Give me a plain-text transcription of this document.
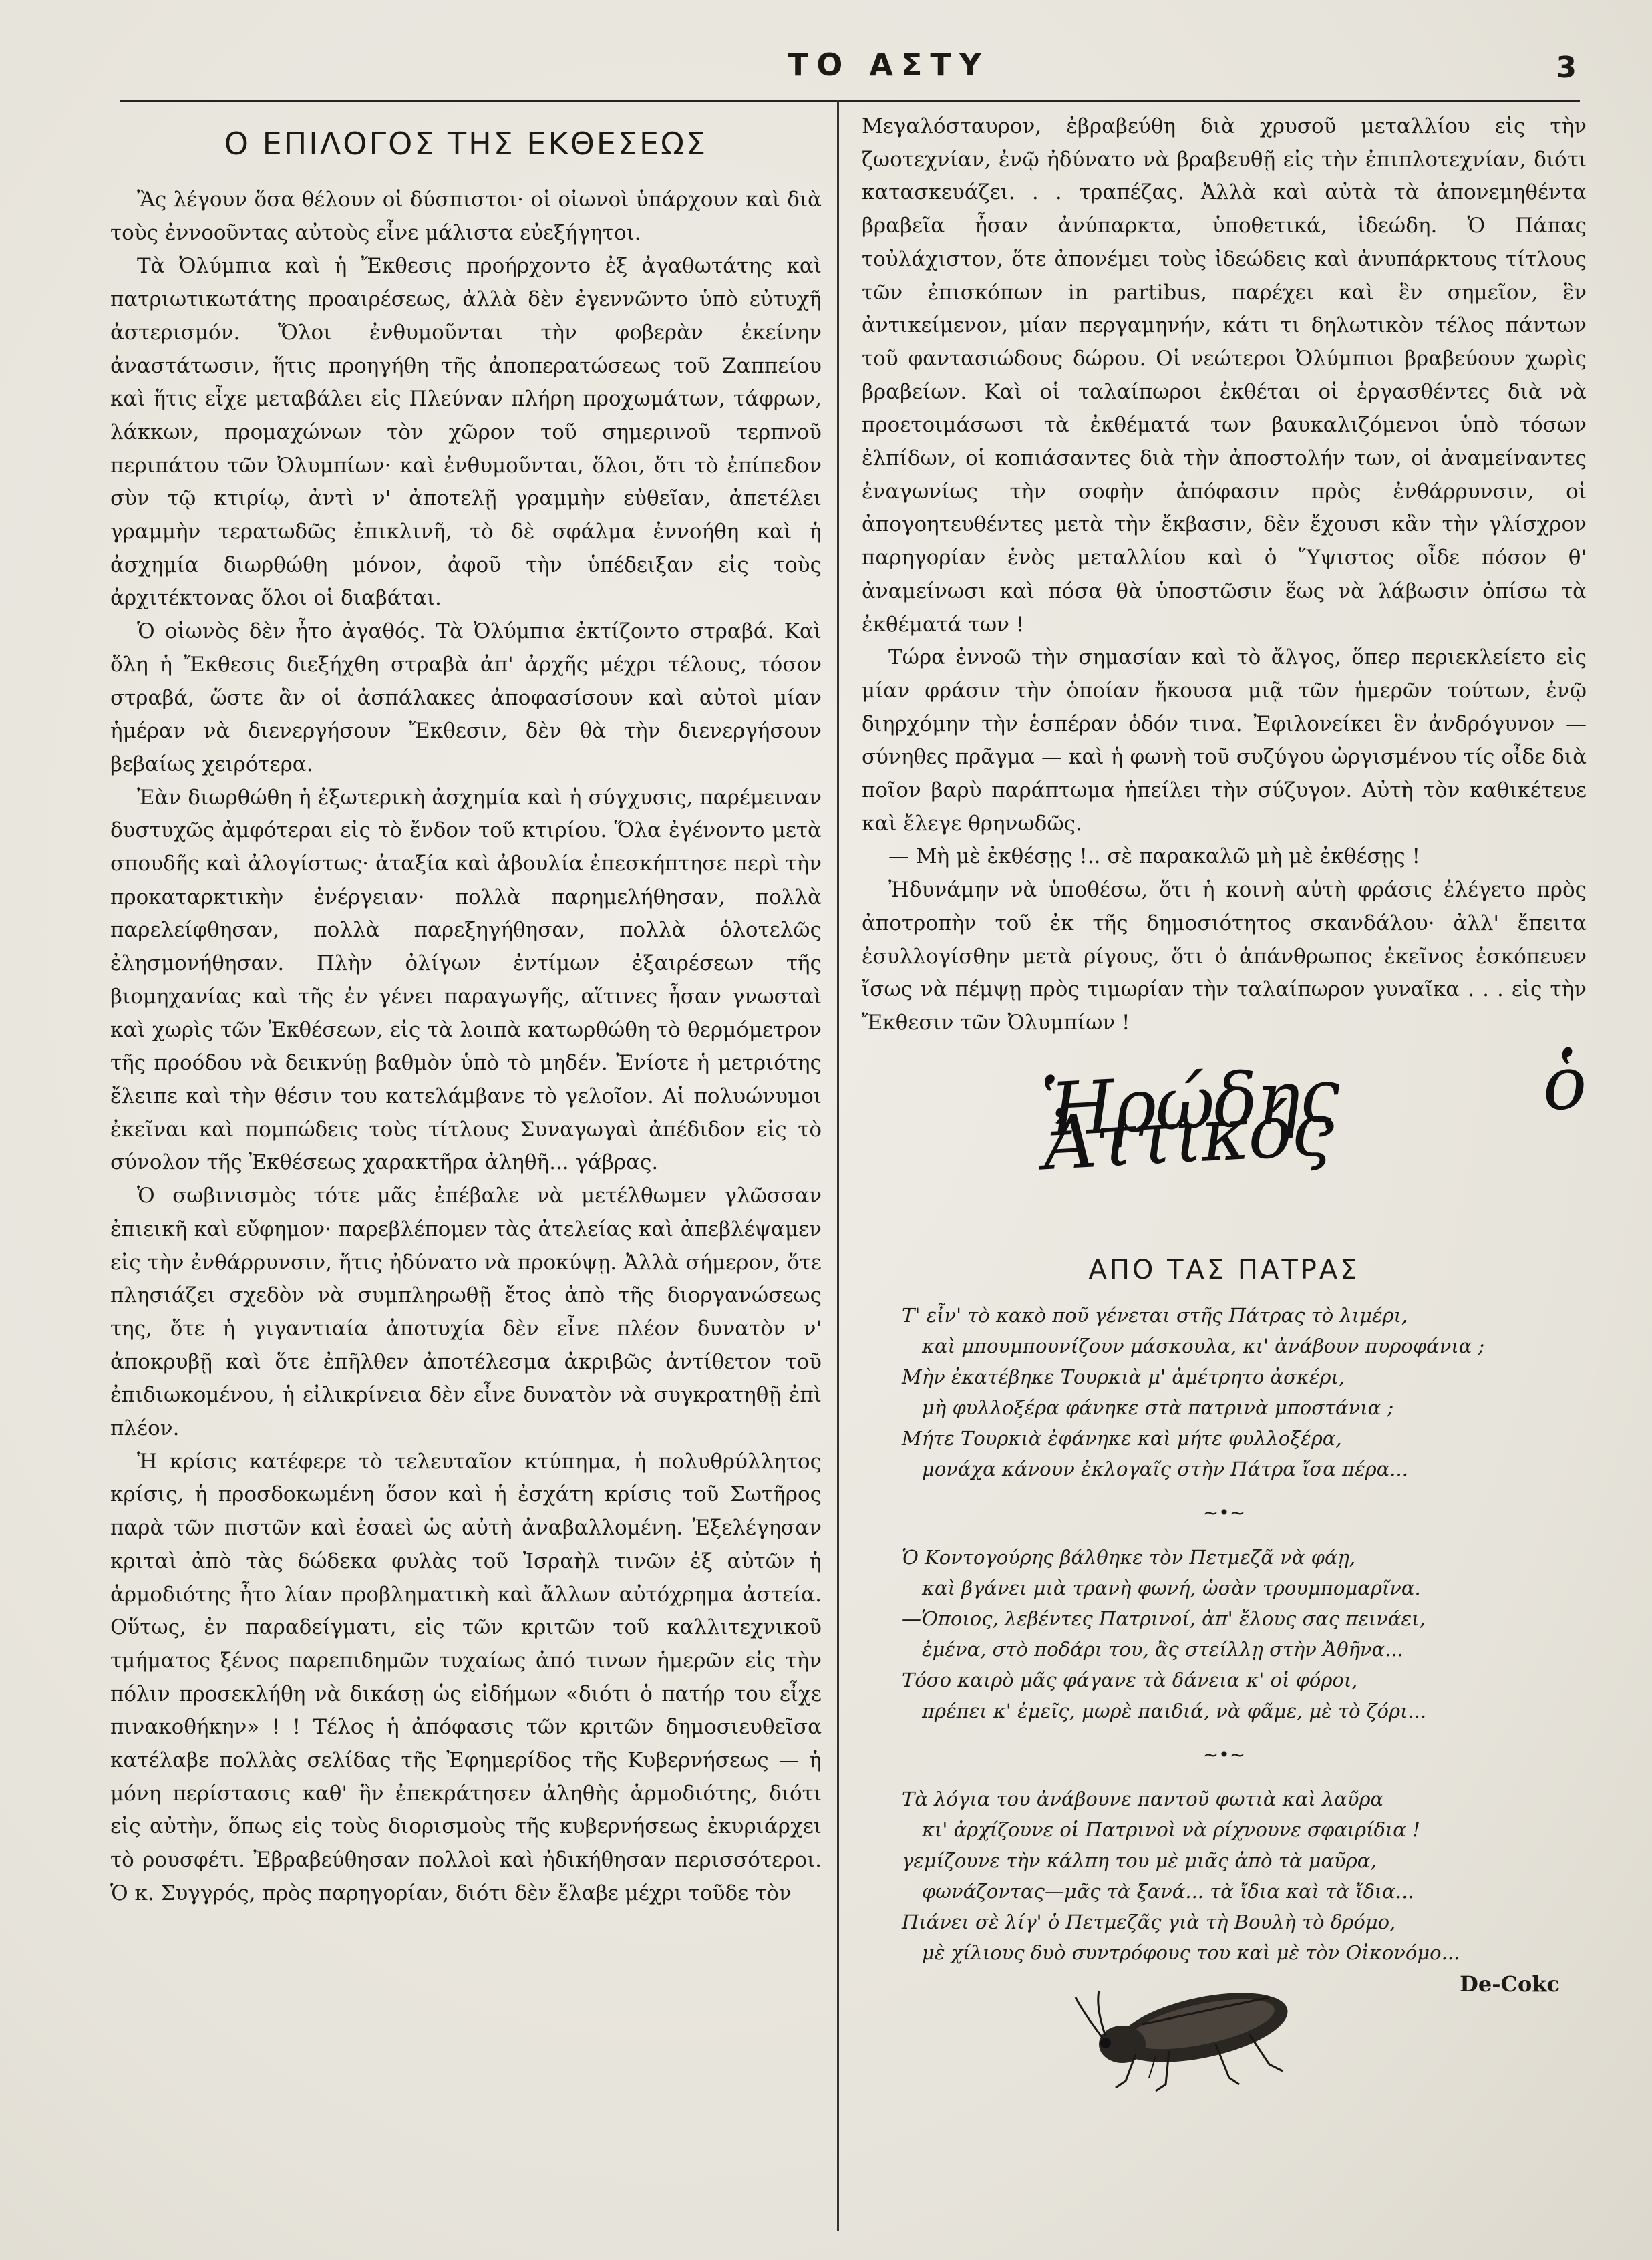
ΤΟ ΑΣΤΥ	3
Ο ΕΠΙΛΟΓΟΣ ΤΗΣ ΕΚΘΕΣΕΩΣ

Ἂς λέγουν ὅσα θέλουν οἱ δύσπιστοι· οἱ οἰωνοὶ ὑπάρχουν καὶ διὰ τοὺς ἐννοοῦντας αὐτοὺς εἶνε μάλιστα εὐεξήγητοι.

Τὰ Ὀλύμπια καὶ ἡ Ἔκθεσις προήρχοντο ἐξ ἀγαθωτάτης καὶ πατριωτικωτάτης προαιρέσεως, ἀλλὰ δὲν ἐγεννῶντο ὑπὸ εὐτυχῆ ἀστερισμόν. Ὅλοι ἐνθυμοῦνται τὴν φοβερὰν ἐκείνην ἀναστάτωσιν, ἥτις προηγήθη τῆς ἀποπερατώσεως τοῦ Ζαππείου καὶ ἥτις εἶχε μεταβάλει εἰς Πλεύναν πλήρη προχωμάτων, τάφρων, λάκκων, προμαχώνων τὸν χῶρον τοῦ σημερινοῦ τερπνοῦ περιπάτου τῶν Ὀλυμπίων· καὶ ἐνθυμοῦνται, ὅλοι, ὅτι τὸ ἐπίπεδον σὺν τῷ κτιρίῳ, ἀντὶ ν' ἀποτελῇ γραμμὴν εὐθεῖαν, ἀπετέλει γραμμὴν τερατωδῶς ἐπικλινῆ, τὸ δὲ σφάλμα ἐννοήθη καὶ ἡ ἀσχημία διωρθώθη μόνον, ἀφοῦ τὴν ὑπέδειξαν εἰς τοὺς ἀρχιτέκτονας ὅλοι οἱ διαβάται.

Ὁ οἰωνὸς δὲν ἦτο ἀγαθός. Τὰ Ὀλύμπια ἐκτίζοντο στραβά. Καὶ ὅλη ἡ Ἔκθεσις διεξήχθη στραβὰ ἀπ' ἀρχῆς μέχρι τέλους, τόσον στραβά, ὥστε ἂν οἱ ἀσπάλακες ἀποφασίσουν καὶ αὐτοὶ μίαν ἡμέραν νὰ διενεργήσουν Ἔκθεσιν, δὲν θὰ τὴν διενεργήσουν βεβαίως χειρότερα.

Ἐὰν διωρθώθη ἡ ἐξωτερικὴ ἀσχημία καὶ ἡ σύγχυσις, παρέμειναν δυστυχῶς ἀμφότεραι εἰς τὸ ἔνδον τοῦ κτιρίου. Ὅλα ἐγένοντο μετὰ σπουδῆς καὶ ἀλογίστως· ἀταξία καὶ ἀβουλία ἐπεσκήπτησε περὶ τὴν προκαταρκτικὴν ἐνέργειαν· πολλὰ παρημελήθησαν, πολλὰ παρελείφθησαν, πολλὰ παρεξηγήθησαν, πολλὰ ὁλοτελῶς ἐλησμονήθησαν. Πλὴν ὀλίγων ἐντίμων ἐξαιρέσεων τῆς βιομηχανίας καὶ τῆς ἐν γένει παραγωγῆς, αἵτινες ἦσαν γνωσταὶ καὶ χωρὶς τῶν Ἐκθέσεων, εἰς τὰ λοιπὰ κατωρθώθη τὸ θερμόμετρον τῆς προόδου νὰ δεικνύῃ βαθμὸν ὑπὸ τὸ μηδέν. Ἐνίοτε ἡ μετριότης ἔλειπε καὶ τὴν θέσιν του κατελάμβανε τὸ γελοῖον. Αἱ πολυώνυμοι ἐκεῖναι καὶ πομπώδεις τοὺς τίτλους Συναγωγαὶ ἀπέδιδον εἰς τὸ σύνολον τῆς Ἐκθέσεως χαρακτῆρα ἀληθῆ... γάβρας.

Ὁ σωβινισμὸς τότε μᾶς ἐπέβαλε νὰ μετέλθωμεν γλῶσσαν ἐπιεικῆ καὶ εὔφημον· παρεβλέπομεν τὰς ἀτελείας καὶ ἀπεβλέψαμεν εἰς τὴν ἐνθάρρυνσιν, ἥτις ἠδύνατο νὰ προκύψῃ. Ἀλλὰ σήμερον, ὅτε πλησιάζει σχεδὸν νὰ συμπληρωθῇ ἔτος ἀπὸ τῆς διοργανώσεως της, ὅτε ἡ γιγαντιαία ἀποτυχία δὲν εἶνε πλέον δυνατὸν ν' ἀποκρυβῇ καὶ ὅτε ἐπῆλθεν ἀποτέλεσμα ἀκριβῶς ἀντίθετον τοῦ ἐπιδιωκομένου, ἡ εἰλικρίνεια δὲν εἶνε δυνατὸν νὰ συγκρατηθῇ ἐπὶ πλέον.

Ἡ κρίσις κατέφερε τὸ τελευταῖον κτύπημα, ἡ πολυθρύλλητος κρίσις, ἡ προσδοκωμένη ὅσον καὶ ἡ ἐσχάτη κρίσις τοῦ Σωτῆρος παρὰ τῶν πιστῶν καὶ ἐσαεὶ ὡς αὐτὴ ἀναβαλλομένη. Ἐξελέγησαν κριταὶ ἀπὸ τὰς δώδεκα φυλὰς τοῦ Ἰσραὴλ τινῶν ἐξ αὐτῶν ἡ ἁρμοδιότης ἦτο λίαν προβληματικὴ καὶ ἄλλων αὐτόχρημα ἀστεία. Οὕτως, ἐν παραδείγματι, εἰς τῶν κριτῶν τοῦ καλλιτεχνικοῦ τμήματος ξένος παρεπιδημῶν τυχαίως ἀπό τινων ἡμερῶν εἰς τὴν πόλιν προσεκλήθη νὰ δικάσῃ ὡς εἰδήμων «διότι ὁ πατήρ του εἶχε πινακοθήκην» ! ! Τέλος ἡ ἀπόφασις τῶν κριτῶν δημοσιευθεῖσα κατέλαβε πολλὰς σελίδας τῆς Ἐφημερίδος τῆς Κυβερνήσεως — ἡ μόνη περίστασις καθ' ἣν ἐπεκράτησεν ἀληθὴς ἁρμοδιότης, διότι εἰς αὐτὴν, ὅπως εἰς τοὺς διορισμοὺς τῆς κυβερνήσεως ἐκυριάρχει τὸ ρουσφέτι. Ἐβραβεύθησαν πολλοὶ καὶ ἠδικήθησαν περισσότεροι. Ὁ κ. Συγγρός, πρὸς παρηγορίαν, διότι δὲν ἔλαβε μέχρι τοῦδε τὸν

Μεγαλόσταυρον, ἐβραβεύθη διὰ χρυσοῦ μεταλλίου εἰς τὴν ζωοτεχνίαν, ἐνῷ ἠδύνατο νὰ βραβευθῇ εἰς τὴν ἐπιπλοτεχνίαν, διότι κατασκευάζει. . . τραπέζας. Ἀλλὰ καὶ αὐτὰ τὰ ἀπονεμηθέντα βραβεῖα ἦσαν ἀνύπαρκτα, ὑποθετικά, ἰδεώδη. Ὁ Πάπας τοὐλάχιστον, ὅτε ἀπονέμει τοὺς ἰδεώδεις καὶ ἀνυπάρκτους τίτλους τῶν ἐπισκόπων in partibus, παρέχει καὶ ἓν σημεῖον, ἓν ἀντικείμενον, μίαν περγαμηνήν, κάτι τι δηλωτικὸν τέλος πάντων τοῦ φαντασιώδους δώρου. Οἱ νεώτεροι Ὀλύμπιοι βραβεύουν χωρὶς βραβείων. Καὶ οἱ ταλαίπωροι ἐκθέται οἱ ἐργασθέντες διὰ νὰ προετοιμάσωσι τὰ ἐκθέματά των βαυκαλιζόμενοι ὑπὸ τόσων ἐλπίδων, οἱ κοπιάσαντες διὰ τὴν ἀποστολήν των, οἱ ἀναμείναντες ἐναγωνίως τὴν σοφὴν ἀπόφασιν πρὸς ἐνθάρρυνσιν, οἱ ἀπογοητευθέντες μετὰ τὴν ἔκβασιν, δὲν ἔχουσι κἂν τὴν γλίσχρον παρηγορίαν ἑνὸς μεταλλίου καὶ ὁ Ὕψιστος οἶδε πόσον θ' ἀναμείνωσι καὶ πόσα θὰ ὑποστῶσιν ἕως νὰ λάβωσιν ὀπίσω τὰ ἐκθέματά των !

Τώρα ἐννοῶ τὴν σημασίαν καὶ τὸ ἄλγος, ὅπερ περιεκλείετο εἰς μίαν φράσιν τὴν ὁποίαν ἤκουσα μιᾷ τῶν ἡμερῶν τούτων, ἐνῷ διηρχόμην τὴν ἑσπέραν ὁδόν τινα. Ἐφιλονείκει ἓν ἀνδρόγυνον — σύνηθες πρᾶγμα — καὶ ἡ φωνὴ τοῦ συζύγου ὠργισμένου τίς οἶδε διὰ ποῖον βαρὺ παράπτωμα ἠπείλει τὴν σύζυγον. Αὐτὴ τὸν καθικέτευε καὶ ἔλεγε θρηνωδῶς.

— Μὴ μὲ ἐκθέσῃς !.. σὲ παρακαλῶ μὴ μὲ ἐκθέσῃς !

Ἠδυνάμην νὰ ὑποθέσω, ὅτι ἡ κοινὴ αὐτὴ φράσις ἐλέγετο πρὸς ἀποτροπὴν τοῦ ἐκ τῆς δημοσιότητος σκανδάλου· ἀλλ' ἔπειτα ἐσυλλογίσθην μετὰ ρίγους, ὅτι ὁ ἀπάνθρωπος ἐκεῖνος ἐσκόπευεν ἴσως νὰ πέμψῃ πρὸς τιμωρίαν τὴν ταλαίπωρον γυναῖκα . . . εἰς τὴν Ἔκθεσιν τῶν Ὀλυμπίων !

Ἡρώδης ὁ Ἀττικός
ΑΠΟ ΤΑΣ ΠΑΤΡΑΣ
Τ' εἶν' τὸ κακὸ ποῦ γένεται στῆς Πάτρας τὸ λιμέρι,
καὶ μπουμπουνίζουν μάσκουλα, κι' ἀνάβουν πυροφάνια ;
Μὴν ἐκατέβηκε Τουρκιὰ μ' ἀμέτρητο ἀσκέρι,
μὴ φυλλοξέρα φάνηκε στὰ πατρινὰ μποστάνια ;
Μήτε Τουρκιὰ ἐφάνηκε καὶ μήτε φυλλοξέρα,
μονάχα κάνουν ἐκλογαῖς στὴν Πάτρα ἴσα πέρα...
~•~
Ὁ Κοντογούρης βάλθηκε τὸν Πετμεζᾶ νὰ φάῃ,
καὶ βγάνει μιὰ τρανὴ φωνή, ὡσὰν τρουμπομαρῖνα.
—Ὁποιος, λεβέντες Πατρινοί, ἀπ' ἔλους σας πεινάει,
ἐμένα, στὸ ποδάρι του, ἂς στείλλῃ στὴν Ἀθῆνα...
Τόσο καιρὸ μᾶς φάγανε τὰ δάνεια κ' οἱ φόροι,
πρέπει κ' ἐμεῖς, μωρὲ παιδιά, νὰ φᾶμε, μὲ τὸ ζόρι...
~•~
Τὰ λόγια του ἀνάβουνε παντοῦ φωτιὰ καὶ λαῦρα
κι' ἀρχίζουνε οἱ Πατρινοὶ νὰ ρίχνουνε σφαιρίδια !
γεμίζουνε τὴν κάλπη του μὲ μιᾶς ἀπὸ τὰ μαῦρα,
φωνάζοντας—μᾶς τὰ ξανά... τὰ ἴδια καὶ τὰ ἴδια...
Πιάνει σὲ λίγ' ὁ Πετμεζᾶς γιὰ τὴ Βουλὴ τὸ δρόμο,
μὲ χίλιους δυὸ συντρόφους του καὶ μὲ τὸν Οἰκονόμο...
De-Cokc
